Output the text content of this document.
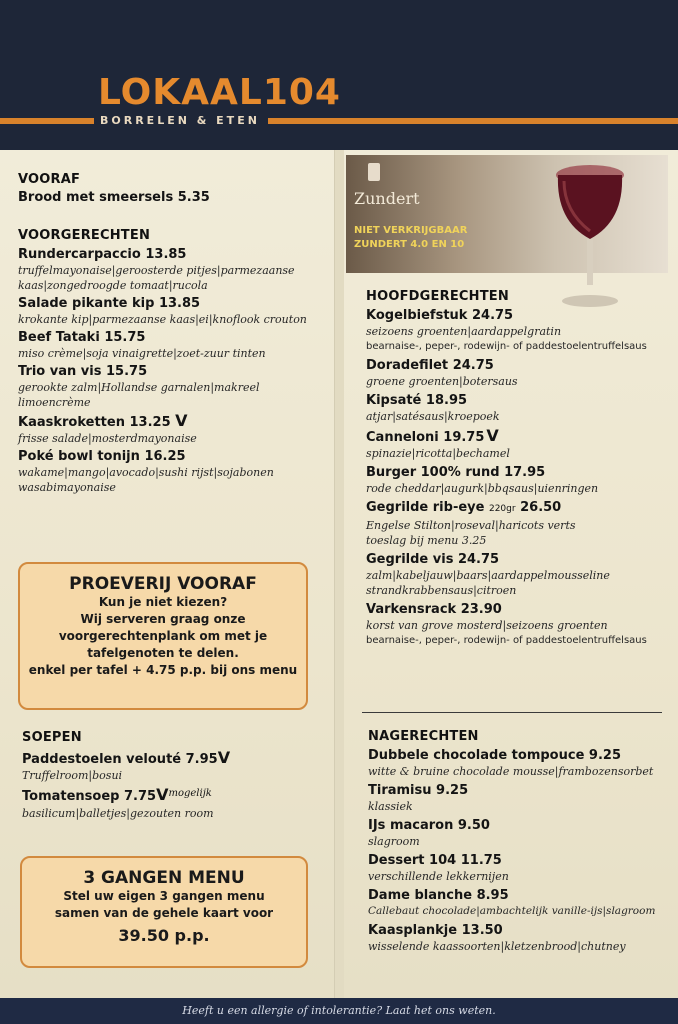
LOKAAL104
BORRELEN & ETEN
VOORAF
Brood met smeersels 5.35
VOORGERECHTEN
Rundercarpaccio 13.85
truffelmayonaise|geroosterde pitjes|parmezaanse
kaas|zongedroogde tomaat|rucola
Salade pikante kip 13.85
krokante kip|parmezaanse kaas|ei|knoflook crouton
Beef Tataki 15.75
miso crème|soja vinaigrette|zoet-zuur tinten
Trio van vis 15.75
gerookte zalm|Hollandse garnalen|makreel
limoencrème
Kaaskroketten 13.25 V
frisse salade|mosterdmayonaise
Poké bowl tonijn 16.25
wakame|mango|avocado|sushi rijst|sojabonen
wasabimayonaise
PROEVERIJ VOORAF
Kun je niet kiezen?
Wij serveren graag onze
voorgerechtenplank om met je
tafelgenoten te delen.
enkel per tafel + 4.75 p.p. bij ons menu
SOEPEN
Paddestoelen velouté 7.95V
Truffelroom|bosui
Tomatensoep $7.75V^{mogelijk}$
basilicum|balletjes|gezouten room
3 GANGEN MENU
Stel uw eigen 3 gangen menu
samen van de gehele kaart voor
39.50 p.p.
Zundert
NIET VERKRIJGBAAR
ZUNDERT 4.0 EN 10
HOOFDGERECHTEN
Kogelbiefstuk 24.75
seizoens groenten|aardappelgratin
bearnaise-, peper-, rodewijn- of paddestoelentruffelsaus
Doradefilet 24.75
groene groenten|botersaus
Kipsaté 18.95
atjar|satésaus|kroepoek
Canneloni 19.75 V
spinazie|ricotta|bechamel
Burger 100% rund 17.95
rode cheddar|augurk|bbqsaus|uienringen
Gegrilde rib-eye 220gr 26.50
Engelse Stilton|roseval|haricots verts
toeslag bij menu 3.25
Gegrilde vis 24.75
zalm|kabeljauw|baars|aardappelmousseline
strandkrabbensaus|citroen
Varkensrack 23.90
korst van grove mosterd|seizoens groenten
bearnaise-, peper-, rodewijn- of paddestoelentruffelsaus
NAGERECHTEN
Dubbele chocolade tompouce 9.25
witte & bruine chocolade mousse|frambozensorbet
Tiramisu 9.25
klassiek
IJs macaron 9.50
slagroom
Dessert 104 11.75
verschillende lekkernijen
Dame blanche 8.95
Callebaut chocolade|ambachtelijk vanille-ijs|slagroom
Kaasplankje 13.50
wisselende kaassoorten|kletzenbrood|chutney
Heeft u een allergie of intolerantie? Laat het ons weten.
